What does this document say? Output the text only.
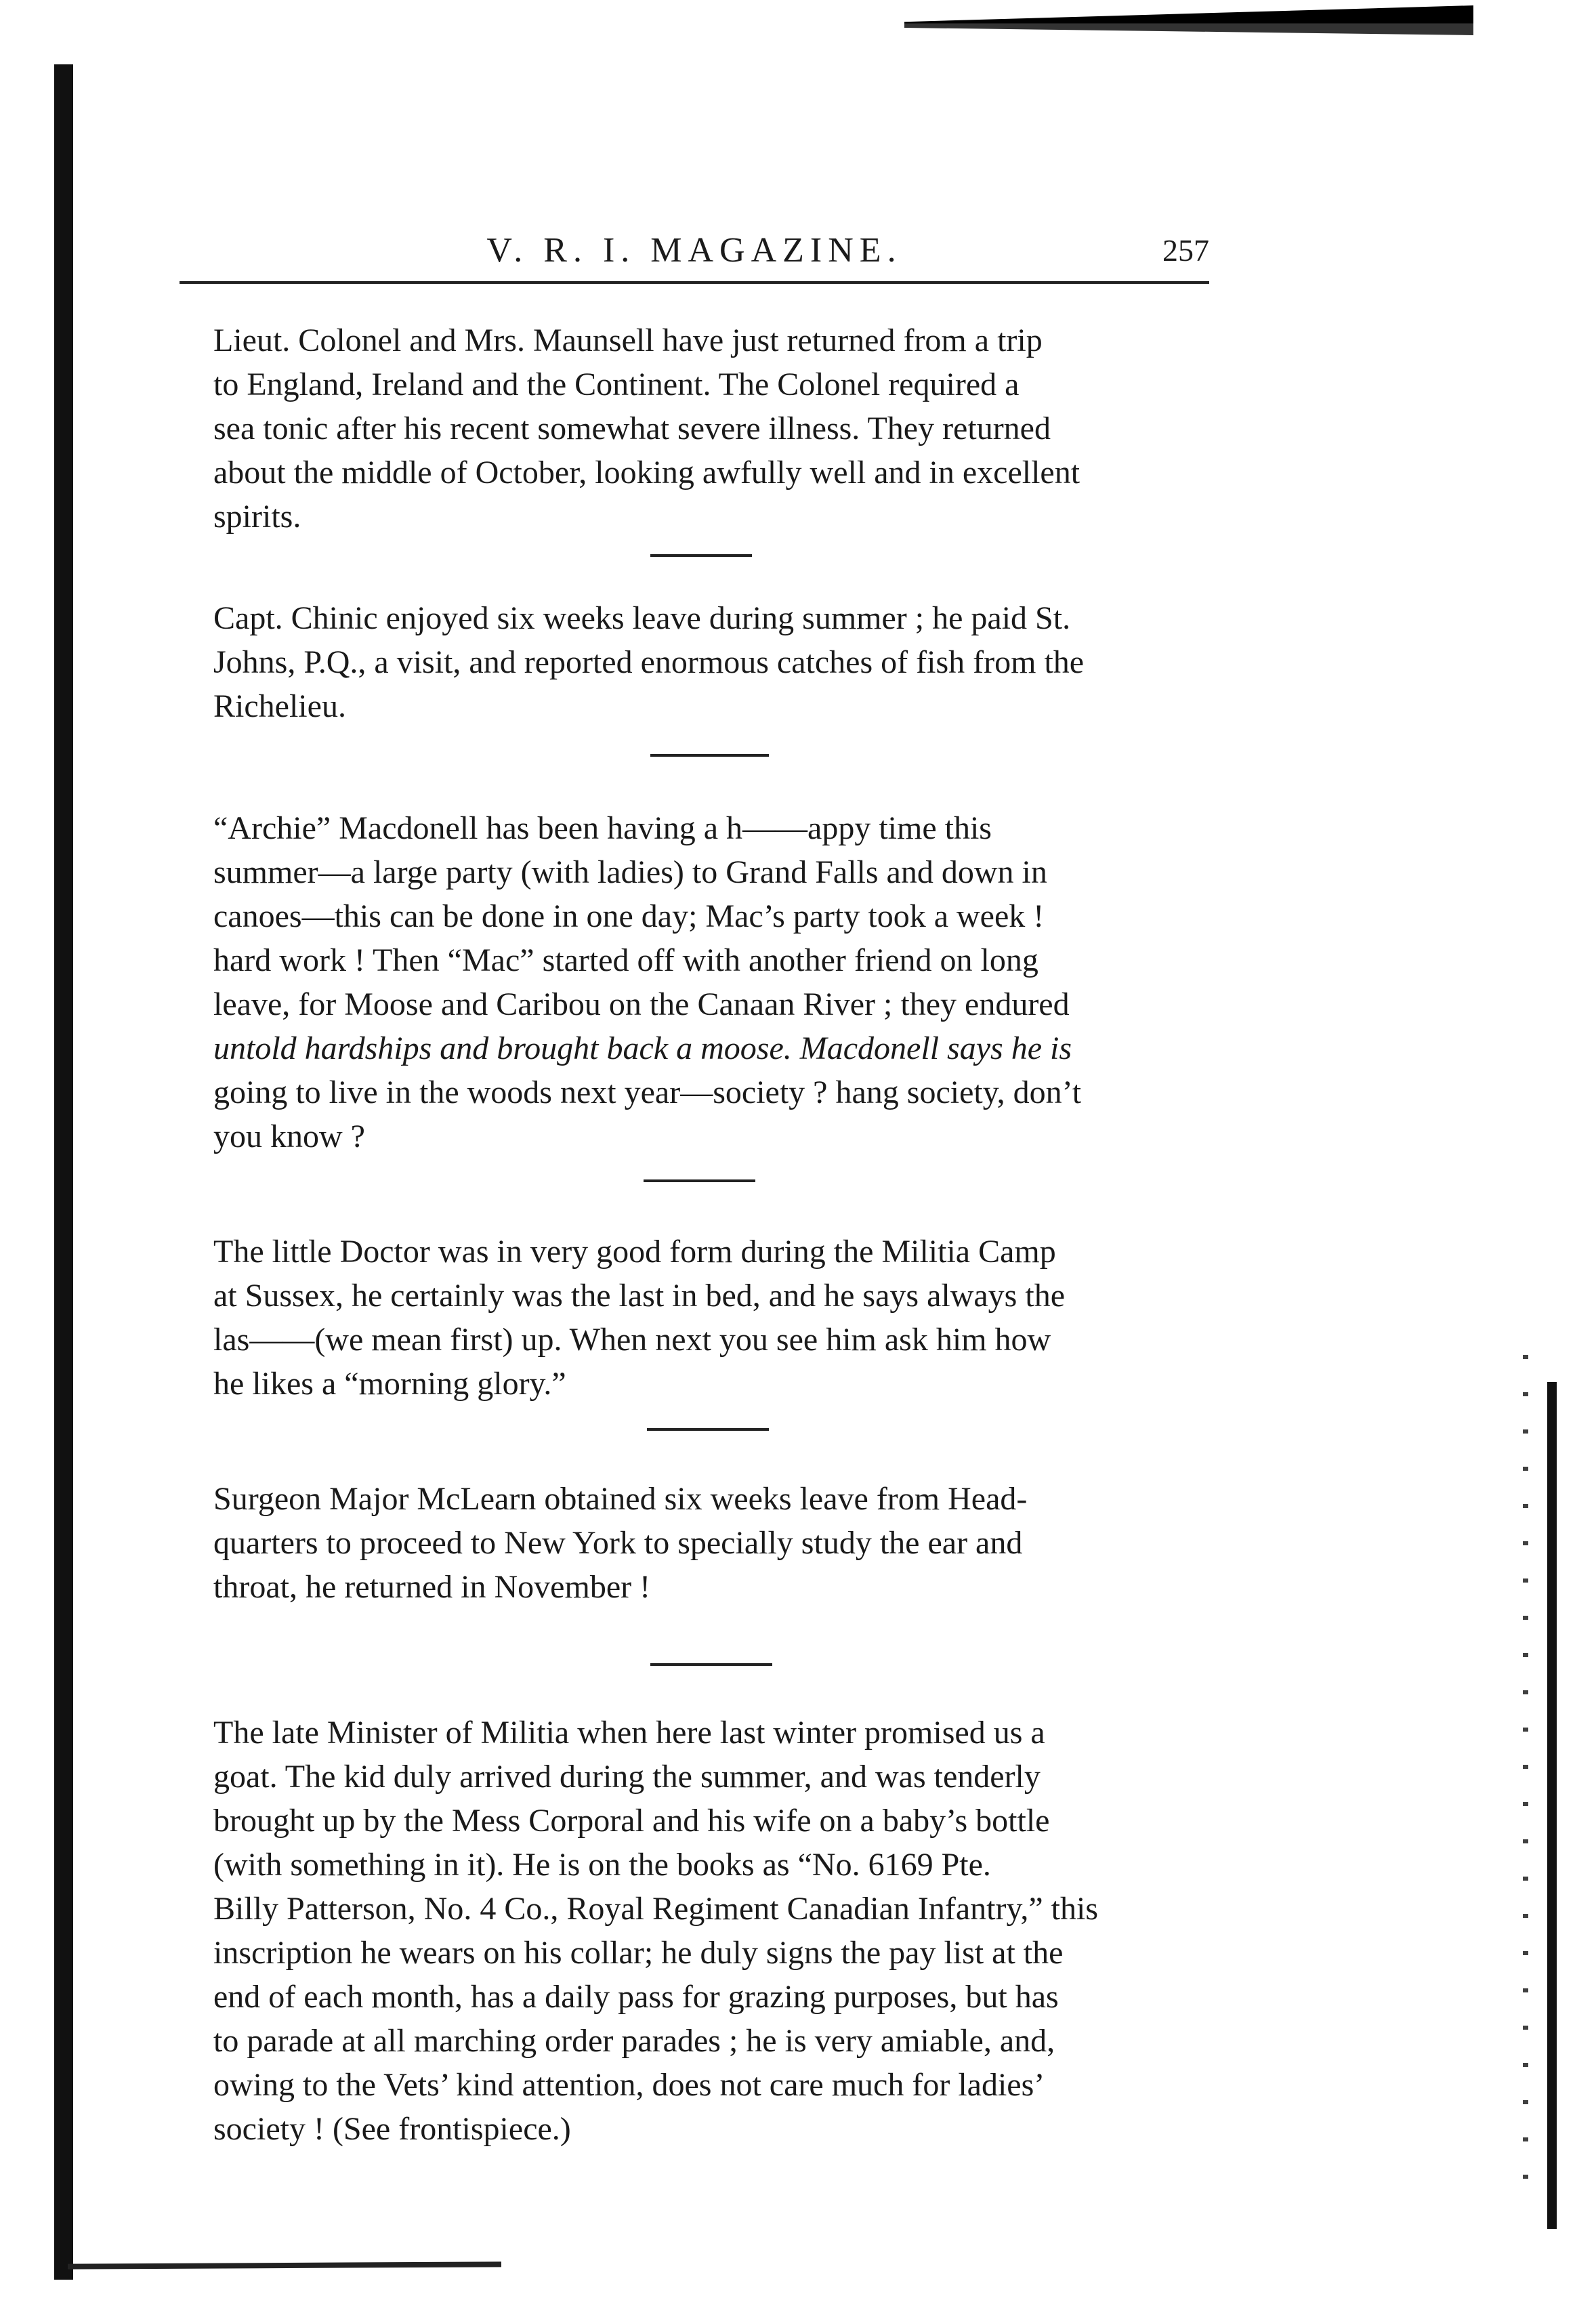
V. R. I. MAGAZINE.	257
Lieut. Colonel and Mrs. Maunsell have just returned from a trip
to England, Ireland and the Continent. The Colonel required a
sea tonic after his recent somewhat severe illness. They returned
about the middle of October, looking awfully well and in excellent
spirits.
Capt. Chinic enjoyed six weeks leave during summer ; he paid St.
Johns, P.Q., a visit, and reported enormous catches of fish from the
Richelieu.
“Archie” Macdonell has been having a h——appy time this
summer—a large party (with ladies) to Grand Falls and down in
canoes—this can be done in one day; Mac’s party took a week !
hard work ! Then “Mac” started off with another friend on long
leave, for Moose and Caribou on the Canaan River ; they endured
untold hardships and brought back a moose. Macdonell says he is
going to live in the woods next year—society ? hang society, don’t
you know ?
The little Doctor was in very good form during the Militia Camp
at Sussex, he certainly was the last in bed, and he says always the
las——(we mean first) up. When next you see him ask him how
he likes a “morning glory.”
Surgeon Major McLearn obtained six weeks leave from Head-
quarters to proceed to New York to specially study the ear and
throat, he returned in November !
The late Minister of Militia when here last winter promised us a
goat. The kid duly arrived during the summer, and was tenderly
brought up by the Mess Corporal and his wife on a baby’s bottle
(with something in it). He is on the books as “No. 6169 Pte.
Billy Patterson, No. 4 Co., Royal Regiment Canadian Infantry,” this
inscription he wears on his collar; he duly signs the pay list at the
end of each month, has a daily pass for grazing purposes, but has
to parade at all marching order parades ; he is very amiable, and,
owing to the Vets’ kind attention, does not care much for ladies’
society ! (See frontispiece.)
